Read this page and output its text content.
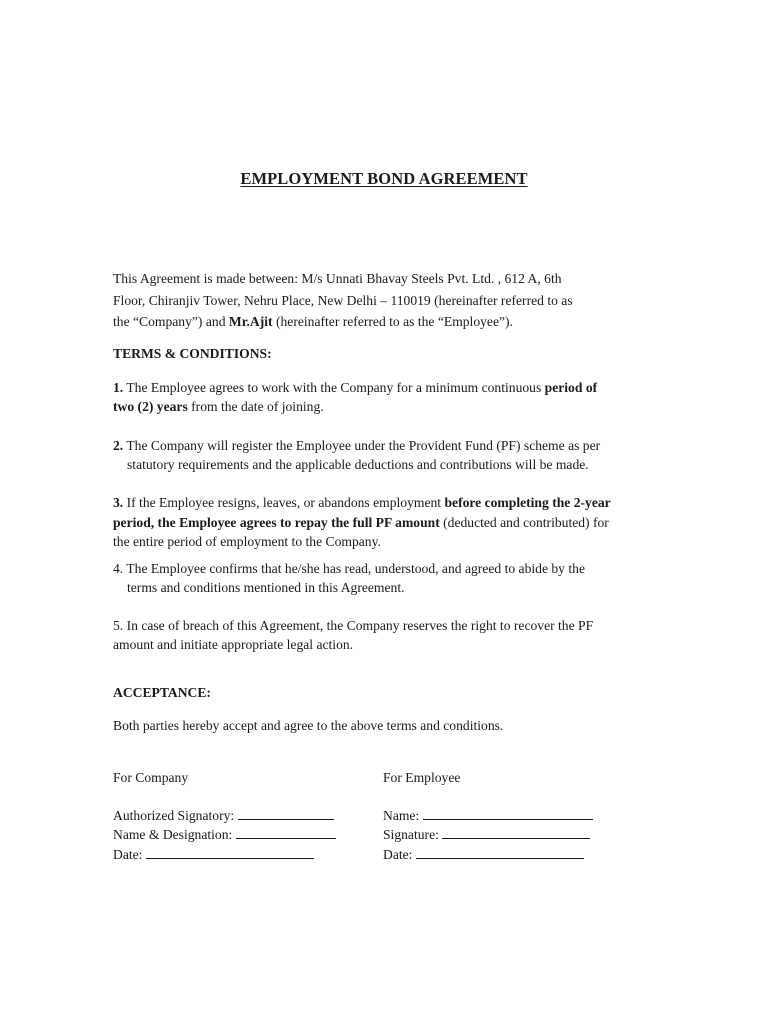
EMPLOYMENT BOND AGREEMENT
This Agreement is made between: M/s Unnati Bhavay Steels Pvt. Ltd. , 612 A, 6th
Floor, Chiranjiv Tower, Nehru Place, New Delhi – 110019 (hereinafter referred to as
the “Company”) and Mr.Ajit (hereinafter referred to as the “Employee”).
TERMS & CONDITIONS:
1. The Employee agrees to work with the Company for a minimum continuous period of
two (2) years from the date of joining.
2. The Company will register the Employee under the Provident Fund (PF) scheme as per
statutory requirements and the applicable deductions and contributions will be made.
3. If the Employee resigns, leaves, or abandons employment before completing the 2-year
period, the Employee agrees to repay the full PF amount (deducted and contributed) for
the entire period of employment to the Company.
4. The Employee confirms that he/she has read, understood, and agreed to abide by the
terms and conditions mentioned in this Agreement.
5. In case of breach of this Agreement, the Company reserves the right to recover the PF
amount and initiate appropriate legal action.
ACCEPTANCE:
Both parties hereby accept and agree to the above terms and conditions.
For Company
Authorized Signatory:
Name & Designation:
Date:
For Employee
Name:
Signature:
Date:
